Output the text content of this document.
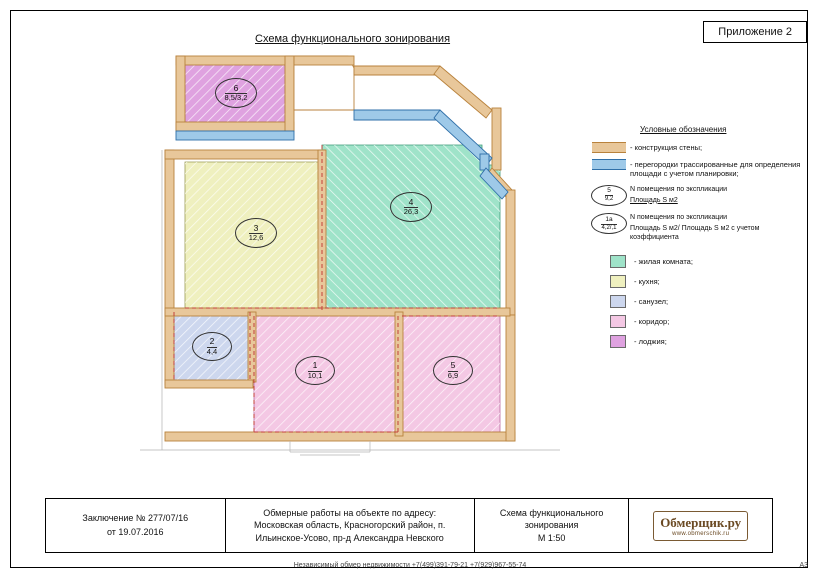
Схема функционального зонирования
Приложение 2
6
8,5/3,2
3
12,6
4
26,3
2
4,4
1
10,1
5
6,9
Условные обозначения
- конструкция стены;
- перегородки трассированные для определения площади с учетом планировки;
5
9,2
N помещения по экспликации
Площадь S м2
1а
4,2/,1
N помещения по экспликации
Площадь S м2/ Площадь S м2 с учетом коэффициента
- жилая комната;
- кухня;
- санузел;
- коридор;
- лоджия;
Заключение № 277/07/16
от 19.07.2016
Обмерные работы на объекте по адресу:
Московская область, Красногорский район, п.
Ильинское-Усово, пр-д Александра Невского
Схема функционального
зонирования
М 1:50
Обмерщик.ру
www.obmerschik.ru
Независимый обмер недвижимости +7(499)391-79-21 +7(929)967-55-74	A3
